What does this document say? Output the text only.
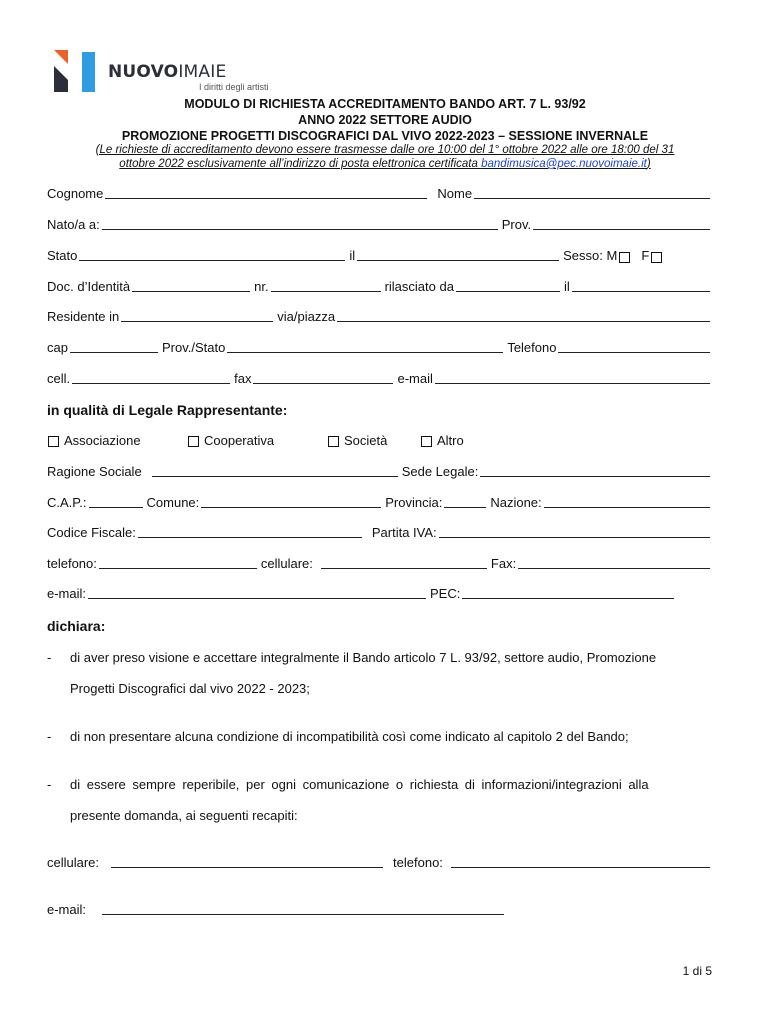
NUOVOIMAIE
I diritti degli artisti
MODULO DI RICHIESTA ACCREDITAMENTO BANDO ART. 7 L. 93/92
ANNO 2022 SETTORE AUDIO
PROMOZIONE PROGETTI DISCOGRAFICI DAL VIVO 2022-2023 – SESSIONE INVERNALE
(Le richieste di accreditamento devono essere trasmesse dalle ore 10:00 del 1° ottobre 2022 alle ore 18:00 del 31
ottobre 2022 esclusivamente all’indirizzo di posta elettronica certificata bandimusica@pec.nuovoimaie.it)
Cognome	Nome
Nato/a a:	Prov.
Stato	il	Sesso: M F
Doc. d’Identità	nr.	rilasciato da	il
Residente in	via/piazza
cap	Prov./Stato	Telefono
cell.	fax	e-mail
in qualità di Legale Rappresentante:
Associazione	Cooperativa	Società	Altro
Ragione Sociale	Sede Legale:
C.A.P.:	Comune:	Provincia:	Nazione:
Codice Fiscale:	Partita IVA:
telefono:	cellulare:	Fax:
e-mail:	PEC:
dichiara:
- di aver preso visione e accettare integralmente il Bando articolo 7 L. 93/92, settore audio, Promozione
Progetti Discografici dal vivo 2022 - 2023;
- di non presentare alcuna condizione di incompatibilità così come indicato al capitolo 2 del Bando;
- di essere sempre reperibile, per ogni comunicazione o richiesta di informazioni/integrazioni alla
presente domanda, ai seguenti recapiti:
cellulare:	telefono:
e-mail:
1 di 5
